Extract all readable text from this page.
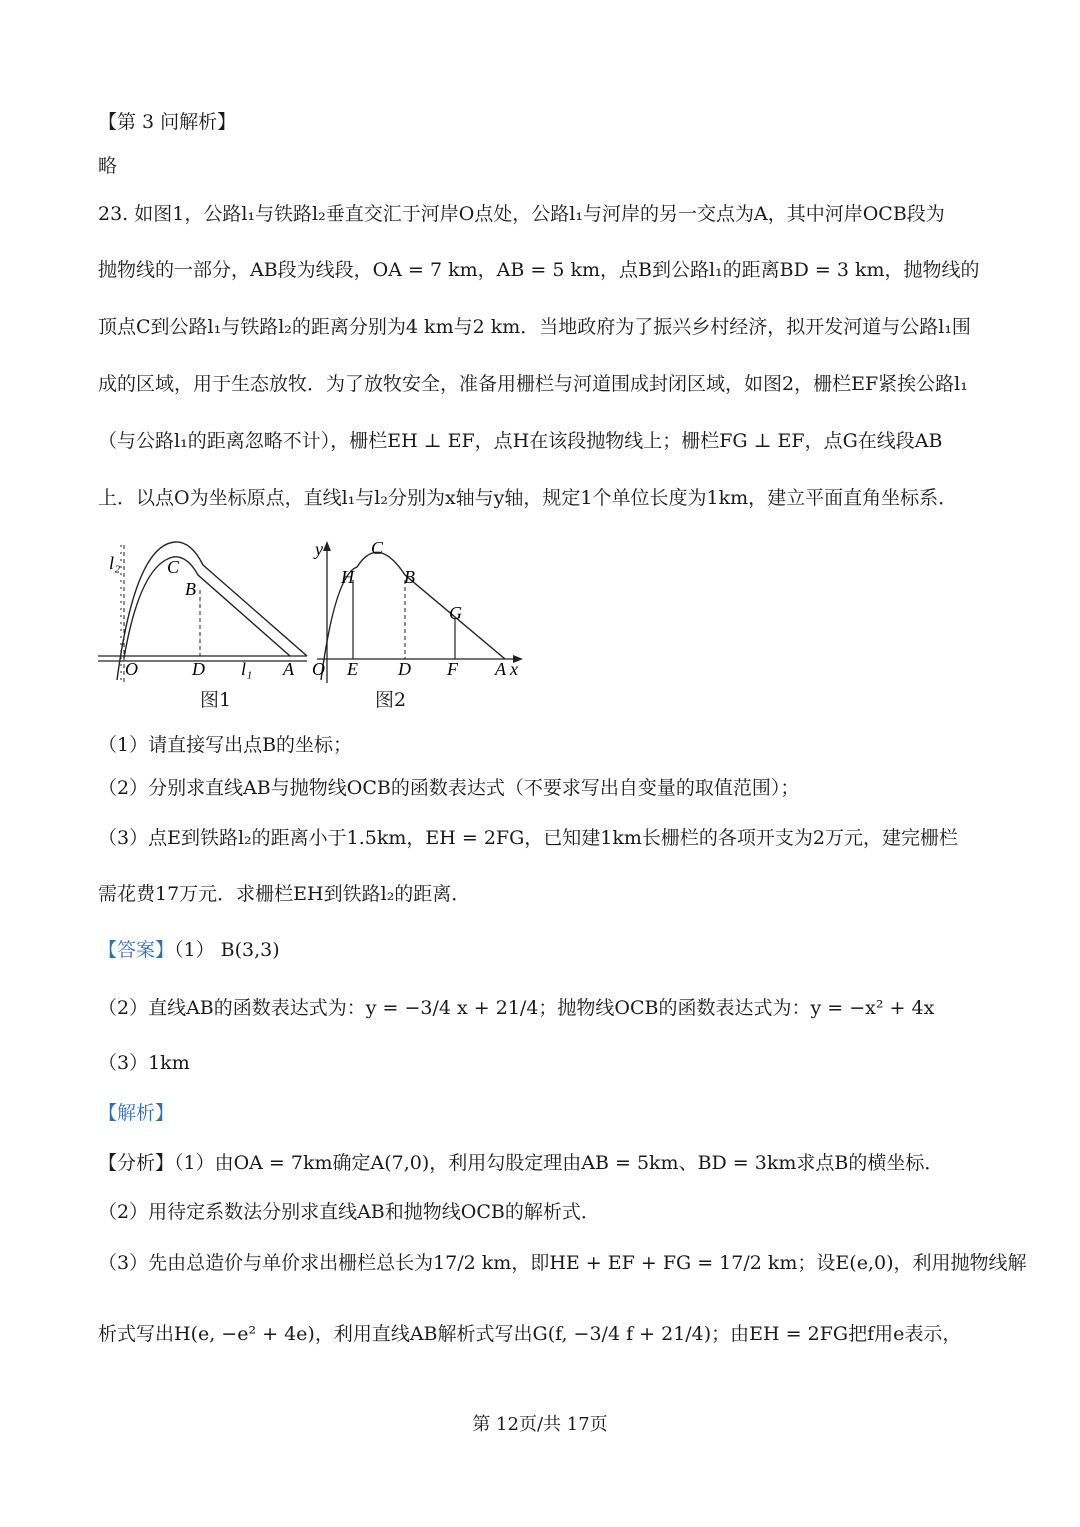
【第 3 问解析】
略
23. 如图1，公路l₁与铁路l₂垂直交汇于河岸O点处，公路l₁与河岸的另一交点为A，其中河岸OCB段为
抛物线的一部分，AB段为线段，OA = 7 km，AB = 5 km，点B到公路l₁的距离BD = 3 km，抛物线的
顶点C到公路l₁与铁路l₂的距离分别为4 km与2 km．当地政府为了振兴乡村经济，拟开发河道与公路l₁围
成的区域，用于生态放牧．为了放牧安全，准备用栅栏与河道围成封闭区域，如图2，栅栏EF紧挨公路l₁
（与公路l₁的距离忽略不计），栅栏EH ⊥ EF，点H在该段抛物线上；栅栏FG ⊥ EF，点G在线段AB
上．以点O为坐标原点，直线l₁与l₂分别为x轴与y轴，规定1个单位长度为1km，建立平面直角坐标系．
l₂	C
B
O	D l₁ A
y	C
H	B
G
O E D F A x
图1	图2
（1）请直接写出点B的坐标；
（2）分别求直线AB与抛物线OCB的函数表达式（不要求写出自变量的取值范围）；
（3）点E到铁路l₂的距离小于1.5km，EH = 2FG，已知建1km长栅栏的各项开支为2万元，建完栅栏
需花费17万元．求栅栏EH到铁路l₂的距离．
【答案】（1） B(3,3)
（2）直线AB的函数表达式为：y = −3/4 x + 21/4；抛物线OCB的函数表达式为：y = −x² + 4x
（3）1km
【解析】
【分析】（1）由OA = 7km确定A(7,0)，利用勾股定理由AB = 5km、BD = 3km求点B的横坐标．
（2）用待定系数法分别求直线AB和抛物线OCB的解析式．
（3）先由总造价与单价求出栅栏总长为17/2 km，即HE + EF + FG = 17/2 km；设E(e,0)，利用抛物线解
析式写出H(e, −e² + 4e)，利用直线AB解析式写出G(f, −3/4 f + 21/4)；由EH = 2FG把f用e表示，
第 12页/共 17页
